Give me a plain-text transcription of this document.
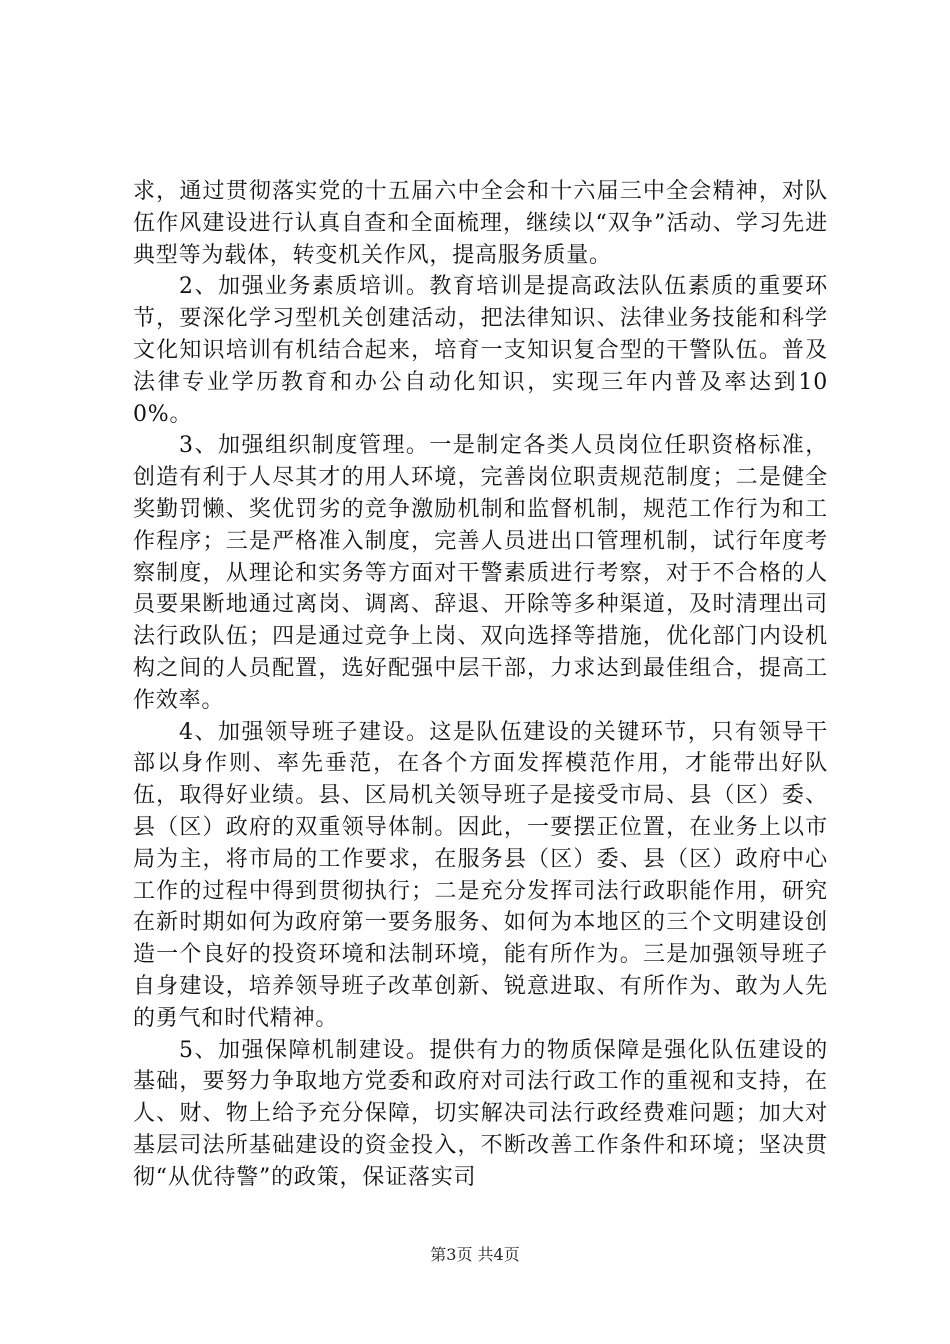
求，通过贯彻落实党的十五届六中全会和十六届三中全会精神，对队伍作风建设进行认真自查和全面梳理，继续以“双争”活动、学习先进典型等为载体，转变机关作风，提高服务质量。

2、加强业务素质培训。教育培训是提高政法队伍素质的重要环节，要深化学习型机关创建活动，把法律知识、法律业务技能和科学文化知识培训有机结合起来，培育一支知识复合型的干警队伍。普及法律专业学历教育和办公自动化知识，实现三年内普及率达到100%。

3、加强组织制度管理。一是制定各类人员岗位任职资格标准，创造有利于人尽其才的用人环境，完善岗位职责规范制度；二是健全奖勤罚懒、奖优罚劣的竞争激励机制和监督机制，规范工作行为和工作程序；三是严格准入制度，完善人员进出口管理机制，试行年度考察制度，从理论和实务等方面对干警素质进行考察，对于不合格的人员要果断地通过离岗、调离、辞退、开除等多种渠道，及时清理出司法行政队伍；四是通过竞争上岗、双向选择等措施，优化部门内设机构之间的人员配置，选好配强中层干部，力求达到最佳组合，提高工作效率。

4、加强领导班子建设。这是队伍建设的关键环节，只有领导干部以身作则、率先垂范，在各个方面发挥模范作用，才能带出好队伍，取得好业绩。县、区局机关领导班子是接受市局、县（区）委、县（区）政府的双重领导体制。因此，一要摆正位置，在业务上以市局为主，将市局的工作要求，在服务县（区）委、县（区）政府中心工作的过程中得到贯彻执行；二是充分发挥司法行政职能作用，研究在新时期如何为政府第一要务服务、如何为本地区的三个文明建设创造一个良好的投资环境和法制环境，能有所作为。三是加强领导班子自身建设，培养领导班子改革创新、锐意进取、有所作为、敢为人先的勇气和时代精神。

5、加强保障机制建设。提供有力的物质保障是强化队伍建设的基础，要努力争取地方党委和政府对司法行政工作的重视和支持，在人、财、物上给予充分保障，切实解决司法行政经费难问题；加大对基层司法所基础建设的资金投入，不断改善工作条件和环境；坚决贯彻“从优待警”的政策，保证落实司

第3页 共4页
